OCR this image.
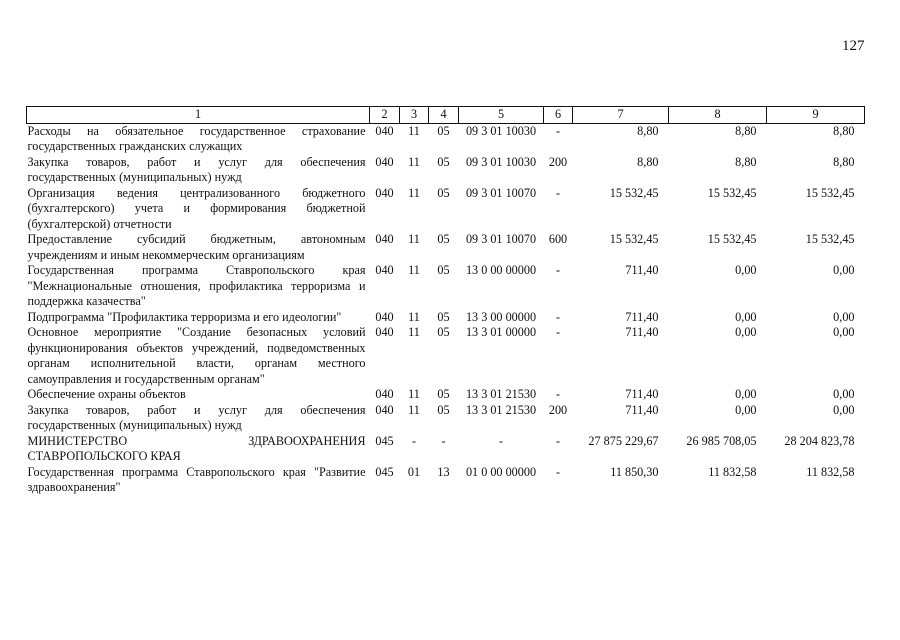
127
1	2	3	4	5	6	7	8	9
Расходы на обязательное государственное страхование государственных гражданских служащих	040	11	05	09 3 01 10030	-	8,80	8,80	8,80
Закупка товаров, работ и услуг для обеспечения государственных (муниципальных) нужд	040	11	05	09 3 01 10030	200	8,80	8,80	8,80
Организация ведения централизованного бюджетного (бухгалтерского) учета и формирования бюджетной (бухгалтерской) отчетности	040	11	05	09 3 01 10070	-	15 532,45	15 532,45	15 532,45
Предоставление субсидий бюджетным, автономным учреждениям и иным некоммерческим организациям	040	11	05	09 3 01 10070	600	15 532,45	15 532,45	15 532,45
Государственная программа Ставропольского края "Межнациональные отношения, профилактика терроризма и поддержка казачества"	040	11	05	13 0 00 00000	-	711,40	0,00	0,00
Подпрограмма "Профилактика терроризма и его идеологии"	040	11	05	13 3 00 00000	-	711,40	0,00	0,00
Основное мероприятие "Создание безопасных условий функционирования объектов учреждений, подведомственных органам исполнительной власти, органам местного самоуправления и государственным органам"	040	11	05	13 3 01 00000	-	711,40	0,00	0,00
Обеспечение охраны объектов	040	11	05	13 3 01 21530	-	711,40	0,00	0,00
Закупка товаров, работ и услуг для обеспечения государственных (муниципальных) нужд	040	11	05	13 3 01 21530	200	711,40	0,00	0,00
МИНИСТЕРСТВО ЗДРАВООХРАНЕНИЯ СТАВРОПОЛЬСКОГО КРАЯ	045	-	-	-	-	27 875 229,67	26 985 708,05	28 204 823,78
Государственная программа Ставропольского края "Развитие здравоохранения"	045	01	13	01 0 00 00000	-	11 850,30	11 832,58	11 832,58
